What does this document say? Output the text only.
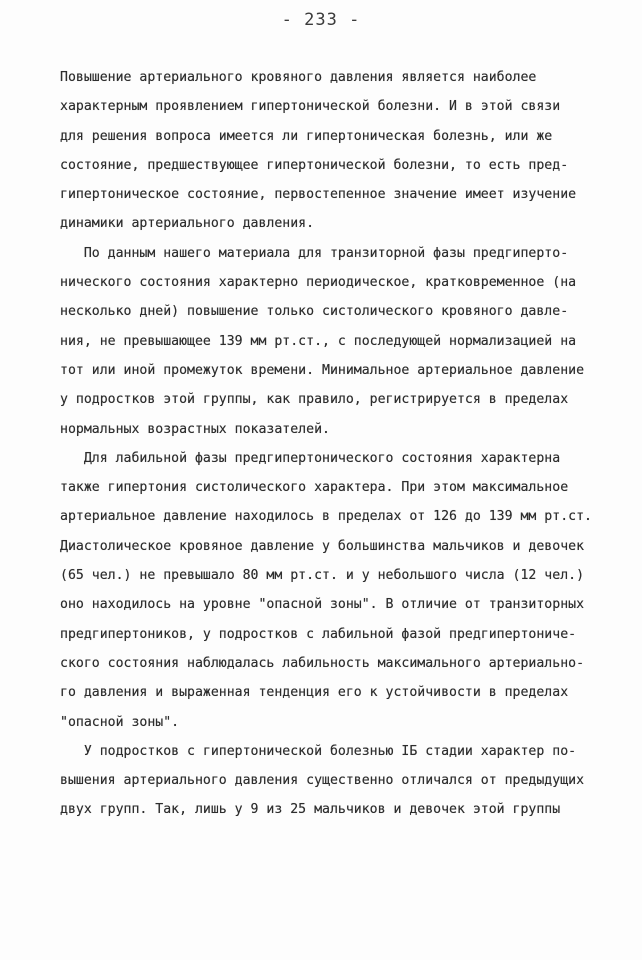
- 233 -
Повышение артериального кровяного давления является наиболее
характерным проявлением гипертонической болезни. И в этой связи
для решения вопроса имеется ли гипертоническая болезнь, или же
состояние, предшествующее гипертонической болезни, то есть пред-
гипертоническое состояние, первостепенное значение имеет изучение
динамики артериального давления.
По данным нашего материала для транзиторной фазы предгиперто-
нического состояния характерно периодическое, кратковременное (на
несколько дней) повышение только систолического кровяного давле-
ния, не превышающее 139 мм рт.ст., с последующей нормализацией на
тот или иной промежуток времени. Минимальное артериальное давление
у подростков этой группы, как правило, регистрируется в пределах
нормальных возрастных показателей.
Для лабильной фазы предгипертонического состояния характерна
также гипертония систолического характера. При этом максимальное
артериальное давление находилось в пределах от 126 до 139 мм рт.ст.
Диастолическое кровяное давление у большинства мальчиков и девочек
(65 чел.) не превышало 80 мм рт.ст. и у небольшого числа (12 чел.)
оно находилось на уровне "опасной зоны". В отличие от транзиторных
предгипертоников, у подростков с лабильной фазой предгипертониче-
ского состояния наблюдалась лабильность максимального артериально-
го давления и выраженная тенденция его к устойчивости в пределах
"опасной зоны".
У подростков с гипертонической болезнью IБ стадии характер по-
вышения артериального давления существенно отличался от предыдущих
двух групп. Так, лишь у 9 из 25 мальчиков и девочек этой группы
